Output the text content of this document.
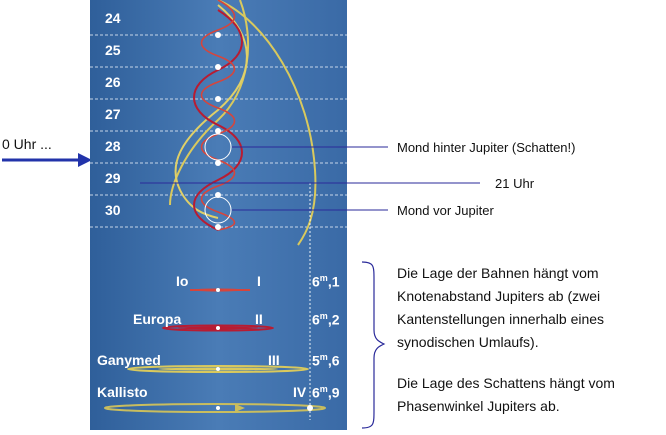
0 Uhr ...
24
25
26
27
28
29
30
Io	I	6$^m$,1
Europa	II	6$^m$,2
Ganymed	III 5$^m$,6
Kallisto	IV 6$^m$,9
Mond hinter Jupiter (Schatten!)
21 Uhr
Mond vor Jupiter
Die Lage der Bahnen hängt vom Knotenabstand Jupiters ab (zwei Kantenstellungen innerhalb eines synodischen Umlaufs).
Die Lage des Schattens hängt vom Phasenwinkel Jupiters ab.
